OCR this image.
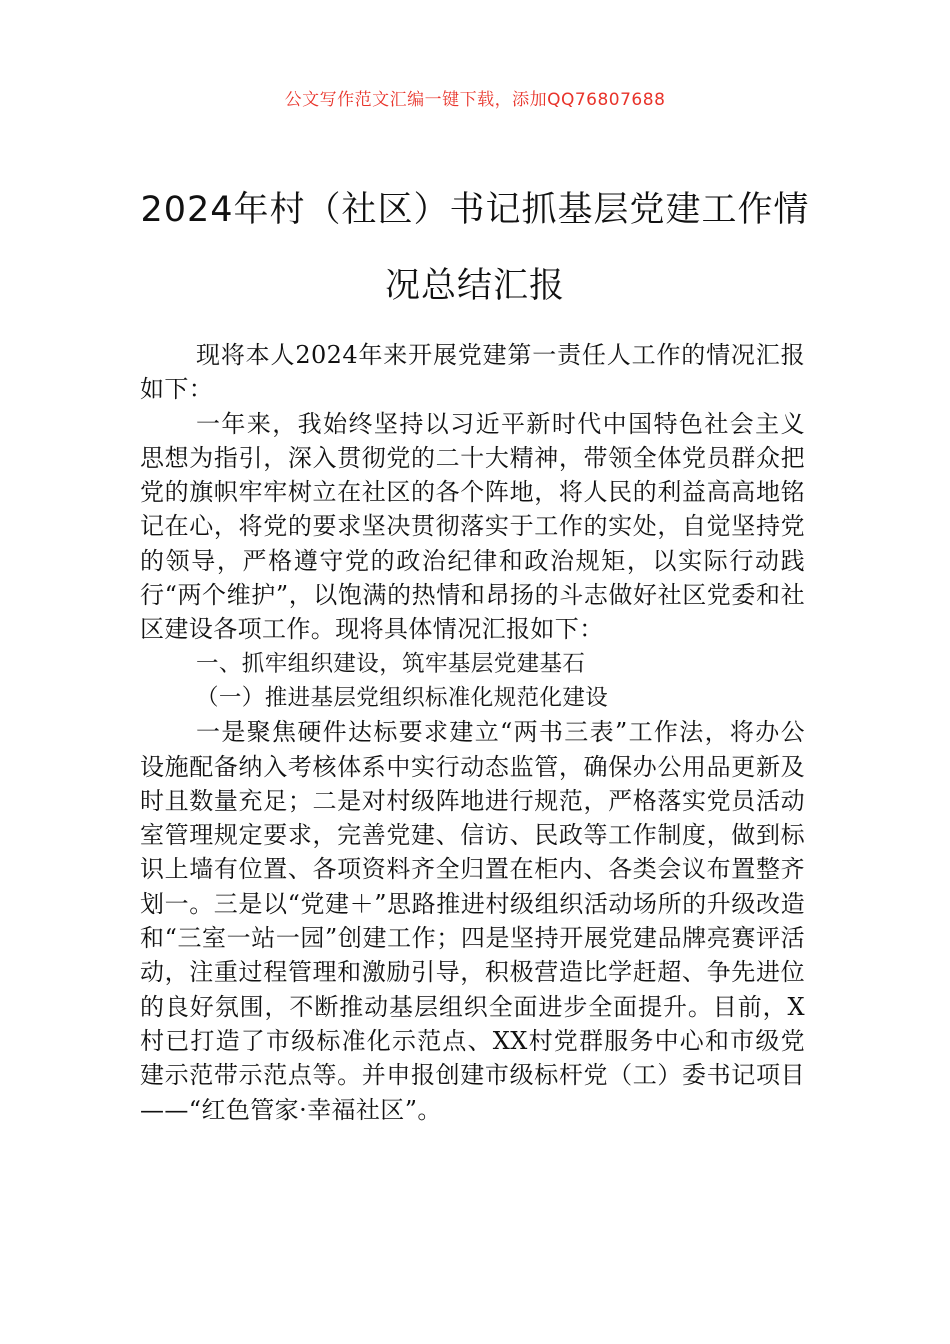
公文写作范文汇编一键下载，添加QQ76807688
2024年村（社区）书记抓基层党建工作情况总结汇报

现将本人2024年来开展党建第一责任人工作的情况汇报如下：

一年来，我始终坚持以习近平新时代中国特色社会主义思想为指引，深入贯彻党的二十大精神，带领全体党员群众把党的旗帜牢牢树立在社区的各个阵地，将人民的利益高高地铭记在心，将党的要求坚决贯彻落实于工作的实处，自觉坚持党的领导，严格遵守党的政治纪律和政治规矩，以实际行动践行“两个维护”，以饱满的热情和昂扬的斗志做好社区党委和社区建设各项工作。现将具体情况汇报如下：

一、抓牢组织建设，筑牢基层党建基石

（一）推进基层党组织标准化规范化建设

一是聚焦硬件达标要求建立“两书三表”工作法，将办公设施配备纳入考核体系中实行动态监管，确保办公用品更新及时且数量充足；二是对村级阵地进行规范，严格落实党员活动室管理规定要求，完善党建、信访、民政等工作制度，做到标识上墙有位置、各项资料齐全归置在柜内、各类会议布置整齐划一。三是以“党建＋”思路推进村级组织活动场所的升级改造和“三室一站一园”创建工作；四是坚持开展党建品牌亮赛评活动，注重过程管理和激励引导，积极营造比学赶超、争先进位的良好氛围，不断推动基层组织全面进步全面提升。目前，X村已打造了市级标准化示范点、XX村党群服务中心和市级党建示范带示范点等。并申报创建市级标杆党（工）委书记项目——“红色管家·幸福社区”。
